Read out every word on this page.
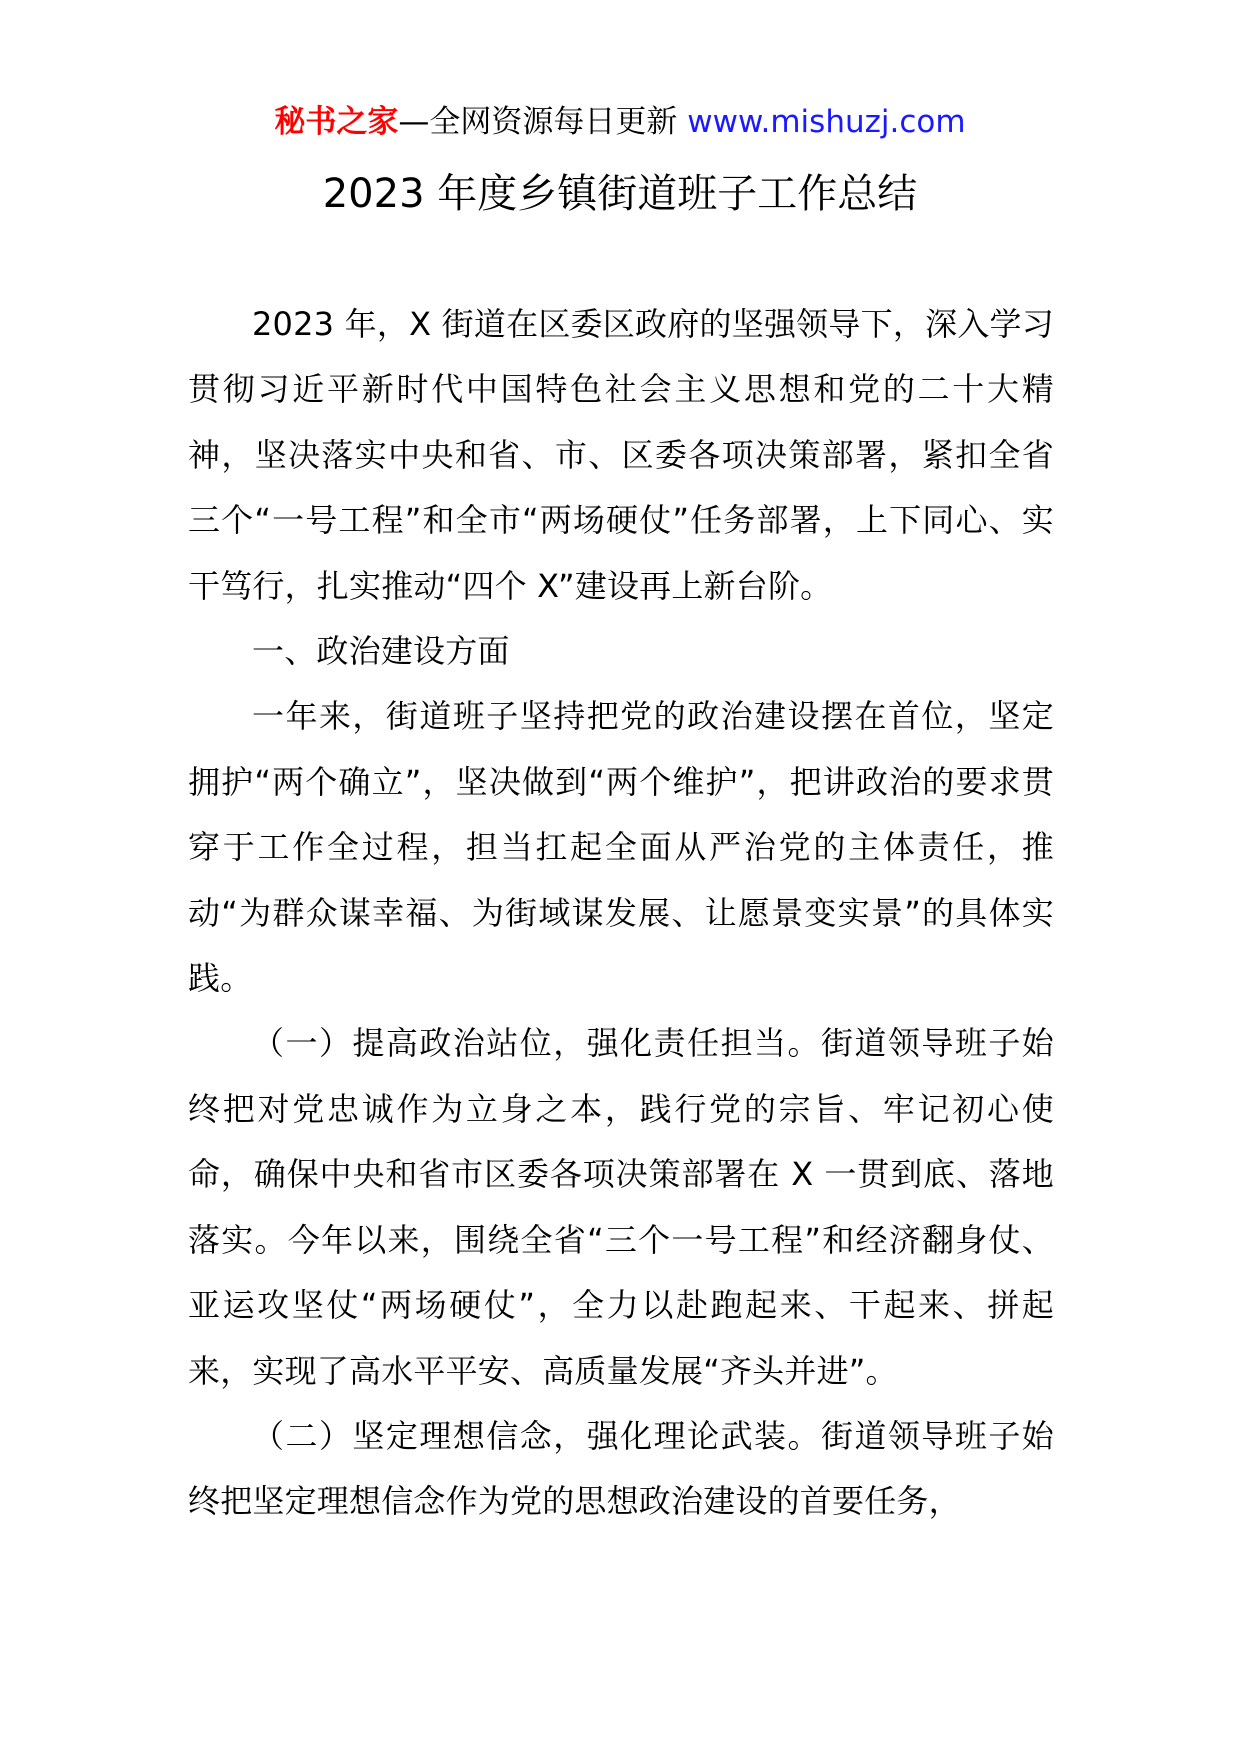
秘书之家—全网资源每日更新 www.mishuzj.com
2023 年度乡镇街道班子工作总结

2023 年，X 街道在区委区政府的坚强领导下，深入学习贯彻习近平新时代中国特色社会主义思想和党的二十大精神，坚决落实中央和省、市、区委各项决策部署，紧扣全省三个“一号工程”和全市“两场硬仗”任务部署，上下同心、实干笃行，扎实推动“四个 X”建设再上新台阶。

一、政治建设方面

一年来，街道班子坚持把党的政治建设摆在首位，坚定拥护“两个确立”，坚决做到“两个维护”，把讲政治的要求贯穿于工作全过程，担当扛起全面从严治党的主体责任，推动“为群众谋幸福、为街域谋发展、让愿景变实景”的具体实践。

（一）提高政治站位，强化责任担当。街道领导班子始终把对党忠诚作为立身之本，践行党的宗旨、牢记初心使命，确保中央和省市区委各项决策部署在 X 一贯到底、落地落实。今年以来，围绕全省“三个一号工程”和经济翻身仗、亚运攻坚仗“两场硬仗”，全力以赴跑起来、干起来、拼起来，实现了高水平平安、高质量发展“齐头并进”。

（二）坚定理想信念，强化理论武装。街道领导班子始终把坚定理想信念作为党的思想政治建设的首要任务，
